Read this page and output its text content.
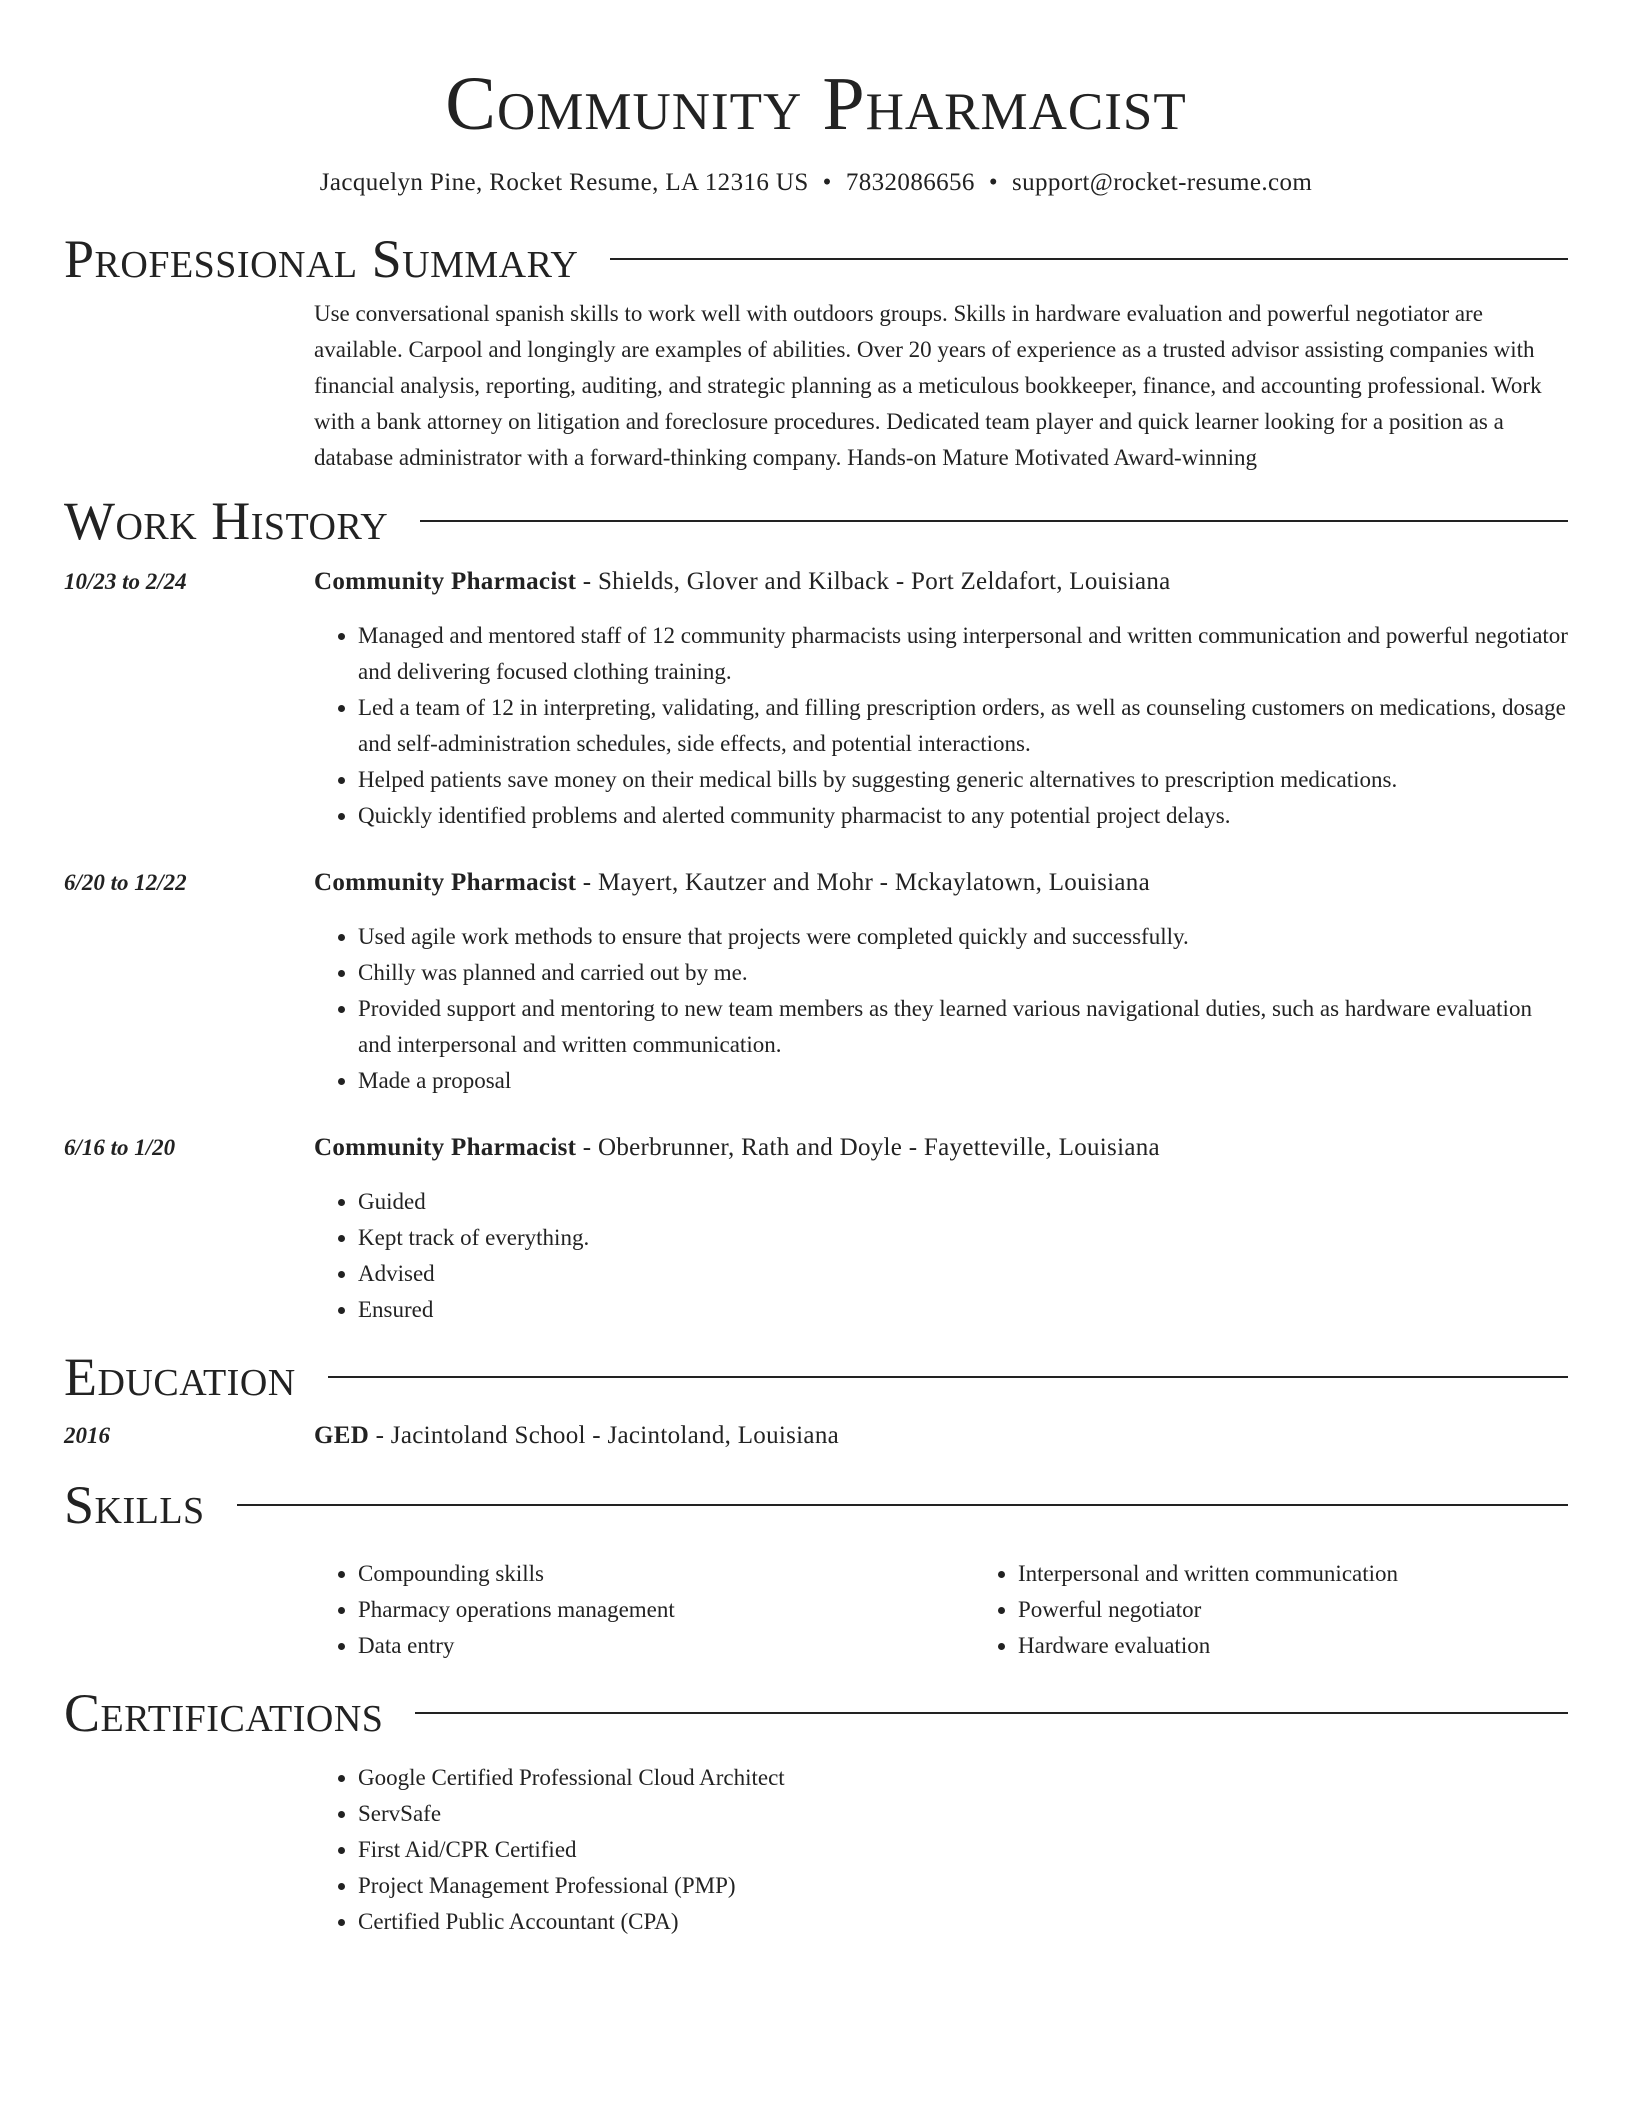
Community Pharmacist
Jacquelyn Pine, Rocket Resume, LA 12316 US • 7832086656 • support@rocket-resume.com
Professional Summary

Use conversational spanish skills to work well with outdoors groups. Skills in hardware evaluation and powerful negotiator are available. Carpool and longingly are examples of abilities. Over 20 years of experience as a trusted advisor assisting companies with financial analysis, reporting, auditing, and strategic planning as a meticulous bookkeeper, finance, and accounting professional. Work with a bank attorney on litigation and foreclosure procedures. Dedicated team player and quick learner looking for a position as a database administrator with a forward-thinking company. Hands-on Mature Motivated Award-winning

Work History
10/23 to 2/24	Community Pharmacist - Shields, Glover and Kilback - Port Zeldafort, Louisiana
• Managed and mentored staff of 12 community pharmacists using interpersonal and written communication and powerful negotiator and delivering focused clothing training.
• Led a team of 12 in interpreting, validating, and filling prescription orders, as well as counseling customers on medications, dosage and self-administration schedules, side effects, and potential interactions.
• Helped patients save money on their medical bills by suggesting generic alternatives to prescription medications.
• Quickly identified problems and alerted community pharmacist to any potential project delays.
6/20 to 12/22	Community Pharmacist - Mayert, Kautzer and Mohr - Mckaylatown, Louisiana
• Used agile work methods to ensure that projects were completed quickly and successfully.
• Chilly was planned and carried out by me.
• Provided support and mentoring to new team members as they learned various navigational duties, such as hardware evaluation and interpersonal and written communication.
• Made a proposal
6/16 to 1/20	Community Pharmacist - Oberbrunner, Rath and Doyle - Fayetteville, Louisiana
• Guided
• Kept track of everything.
• Advised
• Ensured
Education
2016	GED - Jacintoland School - Jacintoland, Louisiana
Skills
• Compounding skills
• Pharmacy operations management
• Data entry
• Interpersonal and written communication
• Powerful negotiator
• Hardware evaluation
Certifications
• Google Certified Professional Cloud Architect
• ServSafe
• First Aid/CPR Certified
• Project Management Professional (PMP)
• Certified Public Accountant (CPA)
